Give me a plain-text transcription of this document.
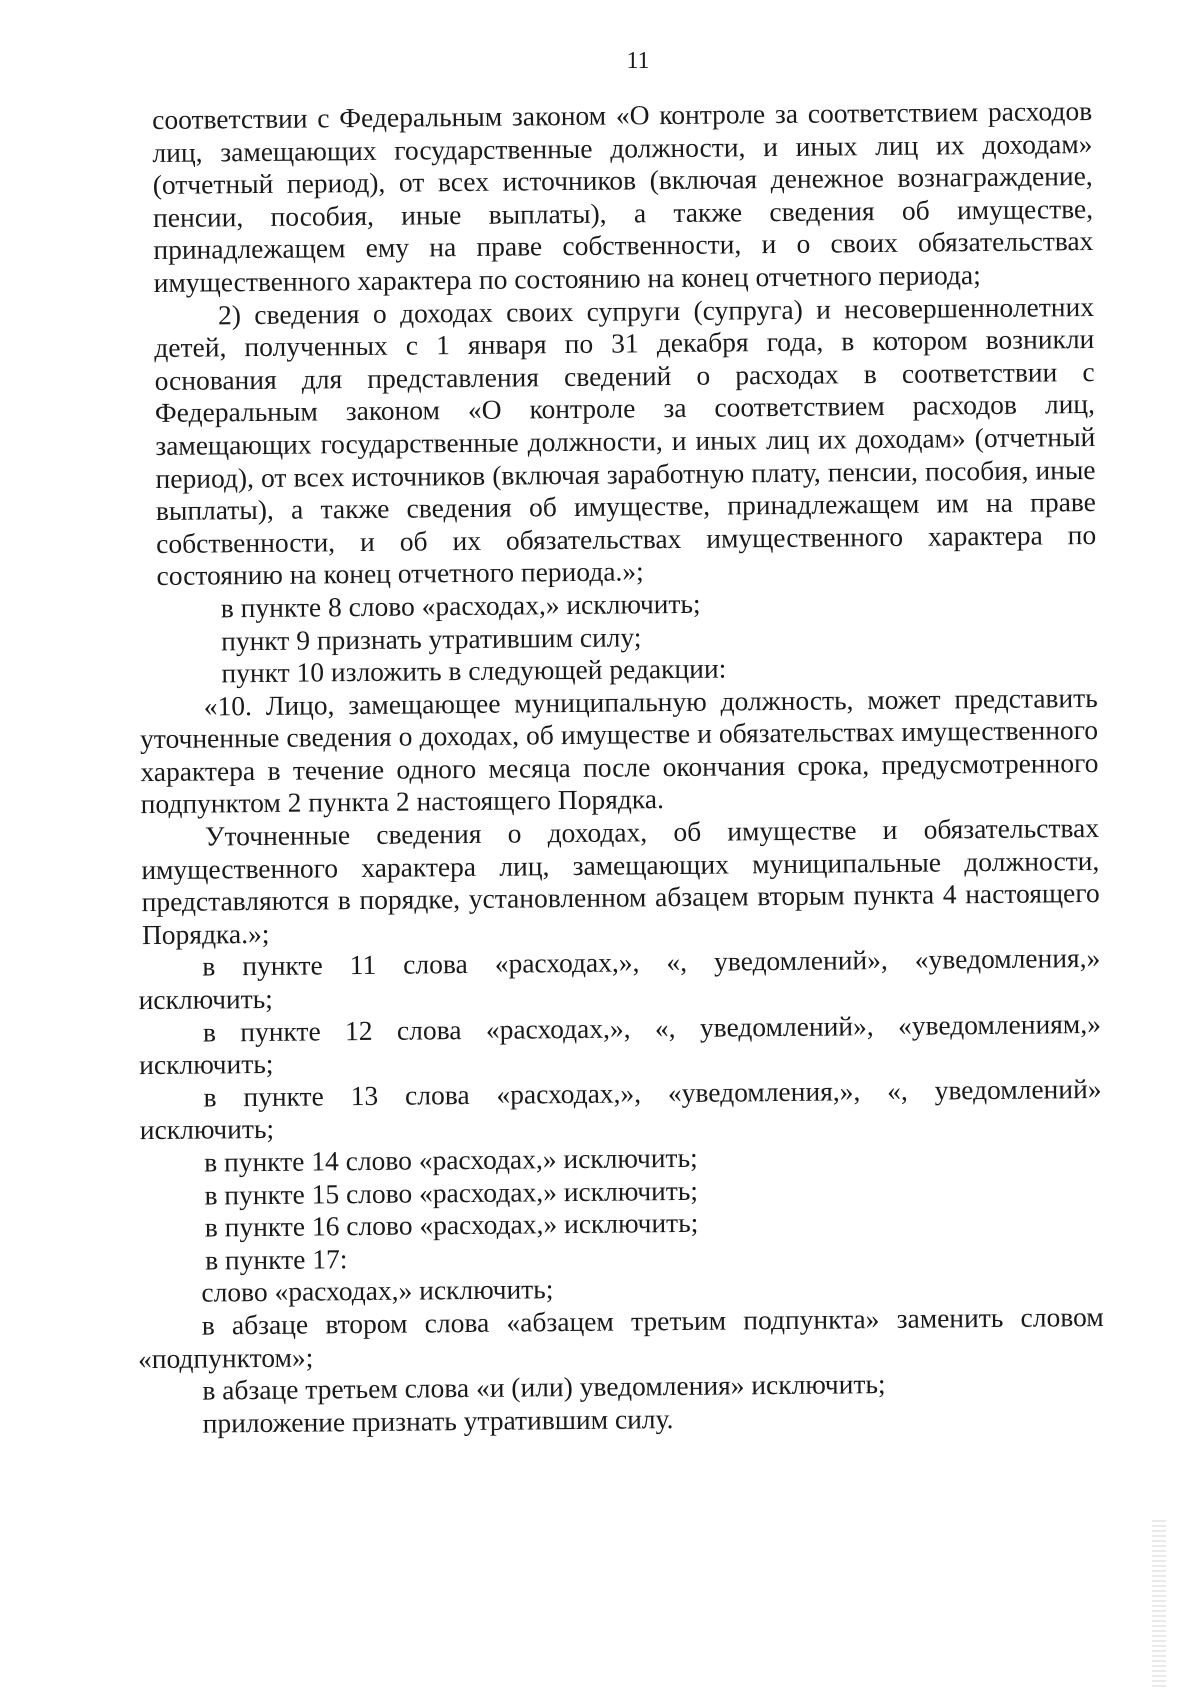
11

соответствии с Федеральным законом «О контроле за соответствием расходов лиц, замещающих государственные должности, и иных лиц их доходам» (отчетный период), от всех источников (включая денежное вознаграждение, пенсии, пособия, иные выплаты), а также сведения об имуществе, принадлежащем ему на праве собственности, и о своих обязательствах имущественного характера по состоянию на конец отчетного периода;

2) сведения о доходах своих супруги (супруга) и несовершеннолетних детей, полученных с 1 января по 31 декабря года, в котором возникли основания для представления сведений о расходах в соответствии с Федеральным законом «О контроле за соответствием расходов лиц, замещающих государственные должности, и иных лиц их доходам» (отчетный период), от всех источников (включая заработную плату, пенсии, пособия, иные выплаты), а также сведения об имуществе, принадлежащем им на праве собственности, и об их обязательствах имущественного характера по состоянию на конец отчетного периода.»;

в пункте 8 слово «расходах,» исключить;

пункт 9 признать утратившим силу;

пункт 10 изложить в следующей редакции:

«10. Лицо, замещающее муниципальную должность, может представить уточненные сведения о доходах, об имуществе и обязательствах имущественного характера в течение одного месяца после окончания срока, предусмотренного подпунктом 2 пункта 2 настоящего Порядка.

Уточненные сведения о доходах, об имуществе и обязательствах имущественного характера лиц, замещающих муниципальные должности, представляются в порядке, установленном абзацем вторым пункта 4 настоящего Порядка.»;

в пункте 11 слова «расходах,», «, уведомлений», «уведомления,» исключить;

в пункте 12 слова «расходах,», «, уведомлений», «уведомлениям,» исключить;

в пункте 13 слова «расходах,», «уведомления,», «, уведомлений» исключить;

в пункте 14 слово «расходах,» исключить;

в пункте 15 слово «расходах,» исключить;

в пункте 16 слово «расходах,» исключить;

в пункте 17:

слово «расходах,» исключить;

в абзаце втором слова «абзацем третьим подпункта» заменить словом «подпунктом»;

в абзаце третьем слова «и (или) уведомления» исключить;

приложение признать утратившим силу.
